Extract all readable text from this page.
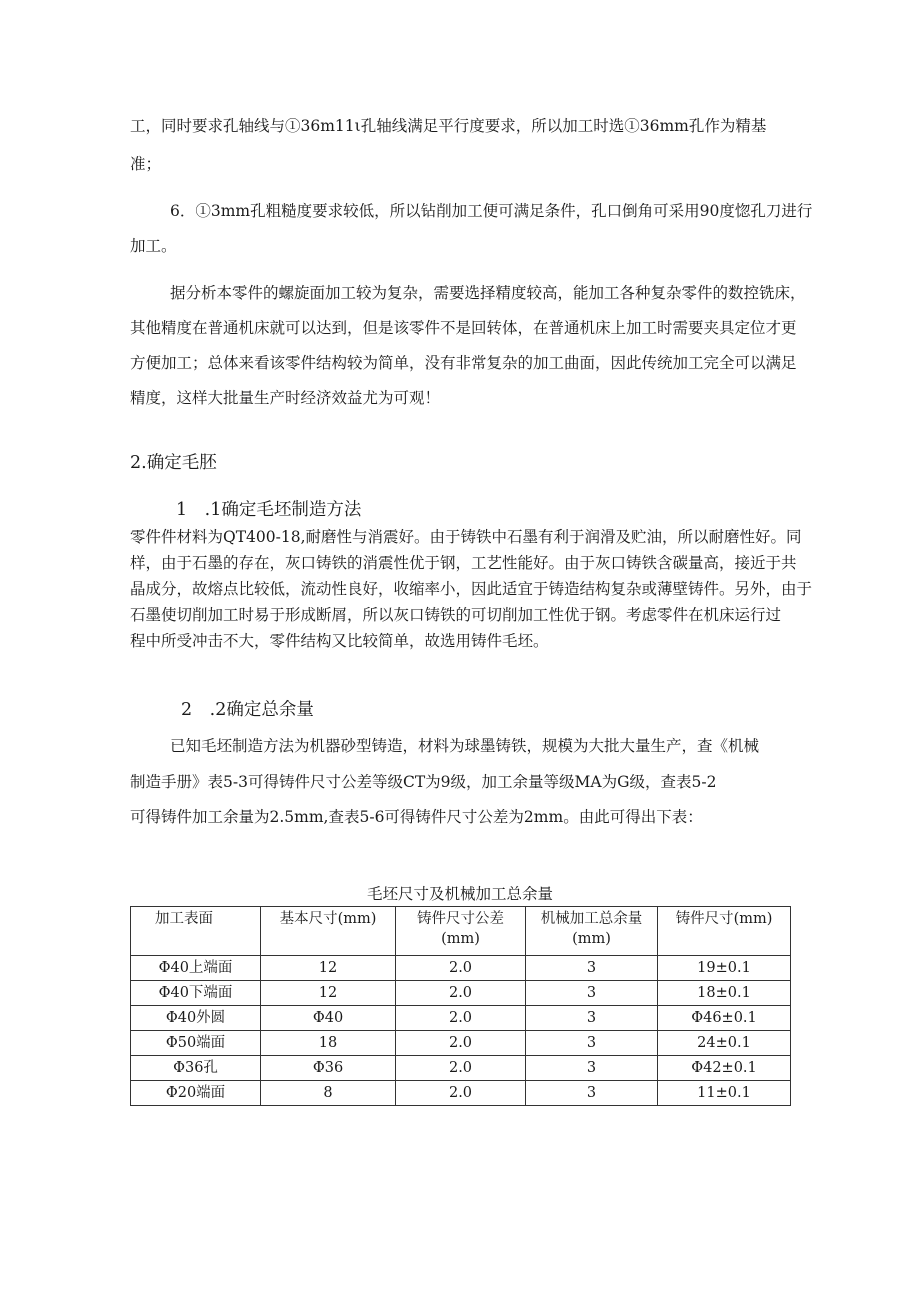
工，同时要求孔轴线与①36m11ι孔轴线满足平行度要求，所以加工时选①36mm孔作为精基
准；
6．①3mm孔粗糙度要求较低，所以钻削加工便可满足条件，孔口倒角可采用90度惚孔刀进行
加工。
据分析本零件的螺旋面加工较为复杂，需要选择精度较高，能加工各种复杂零件的数控铣床，
其他精度在普通机床就可以达到，但是该零件不是回转体，在普通机床上加工时需要夹具定位才更
方便加工；总体来看该零件结构较为简单，没有非常复杂的加工曲面，因此传统加工完全可以满足
精度，这样大批量生产时经济效益尤为可观！
2.确定毛胚
1　.1确定毛坯制造方法
零件件材料为QT400-18,耐磨性与消震好。由于铸铁中石墨有利于润滑及贮油，所以耐磨性好。同
样，由于石墨的存在，灰口铸铁的消震性优于钢，工艺性能好。由于灰口铸铁含碳量高，接近于共
晶成分，故熔点比较低，流动性良好，收缩率小，因此适宜于铸造结构复杂或薄壁铸件。另外，由于
石墨使切削加工时易于形成断屑，所以灰口铸铁的可切削加工性优于钢。考虑零件在机床运行过
程中所受冲击不大，零件结构又比较简单，故选用铸件毛坯。
2　.2确定总余量
已知毛坯制造方法为机器砂型铸造，材料为球墨铸铁，规模为大批大量生产，查《机械
制造手册》表5-3可得铸件尺寸公差等级CT为9级，加工余量等级MA为G级，查表5-2
可得铸件加工余量为2.5mm,查表5-6可得铸件尺寸公差为2mm。由此可得出下表：
毛坯尺寸及机械加工总余量
加工表面	基本尺寸(mm)	铸件尺寸公差(mm)	机械加工总余量(mm)	铸件尺寸(mm)
Φ40上端面	12	2.0	3	19±0.1
Φ40下端面	12	2.0	3	18±0.1
Φ40外圆	Φ40	2.0	3	Φ46±0.1
Φ50端面	18	2.0	3	24±0.1
Φ36孔	Φ36	2.0	3	Φ42±0.1
Φ20端面	8	2.0	3	11±0.1
